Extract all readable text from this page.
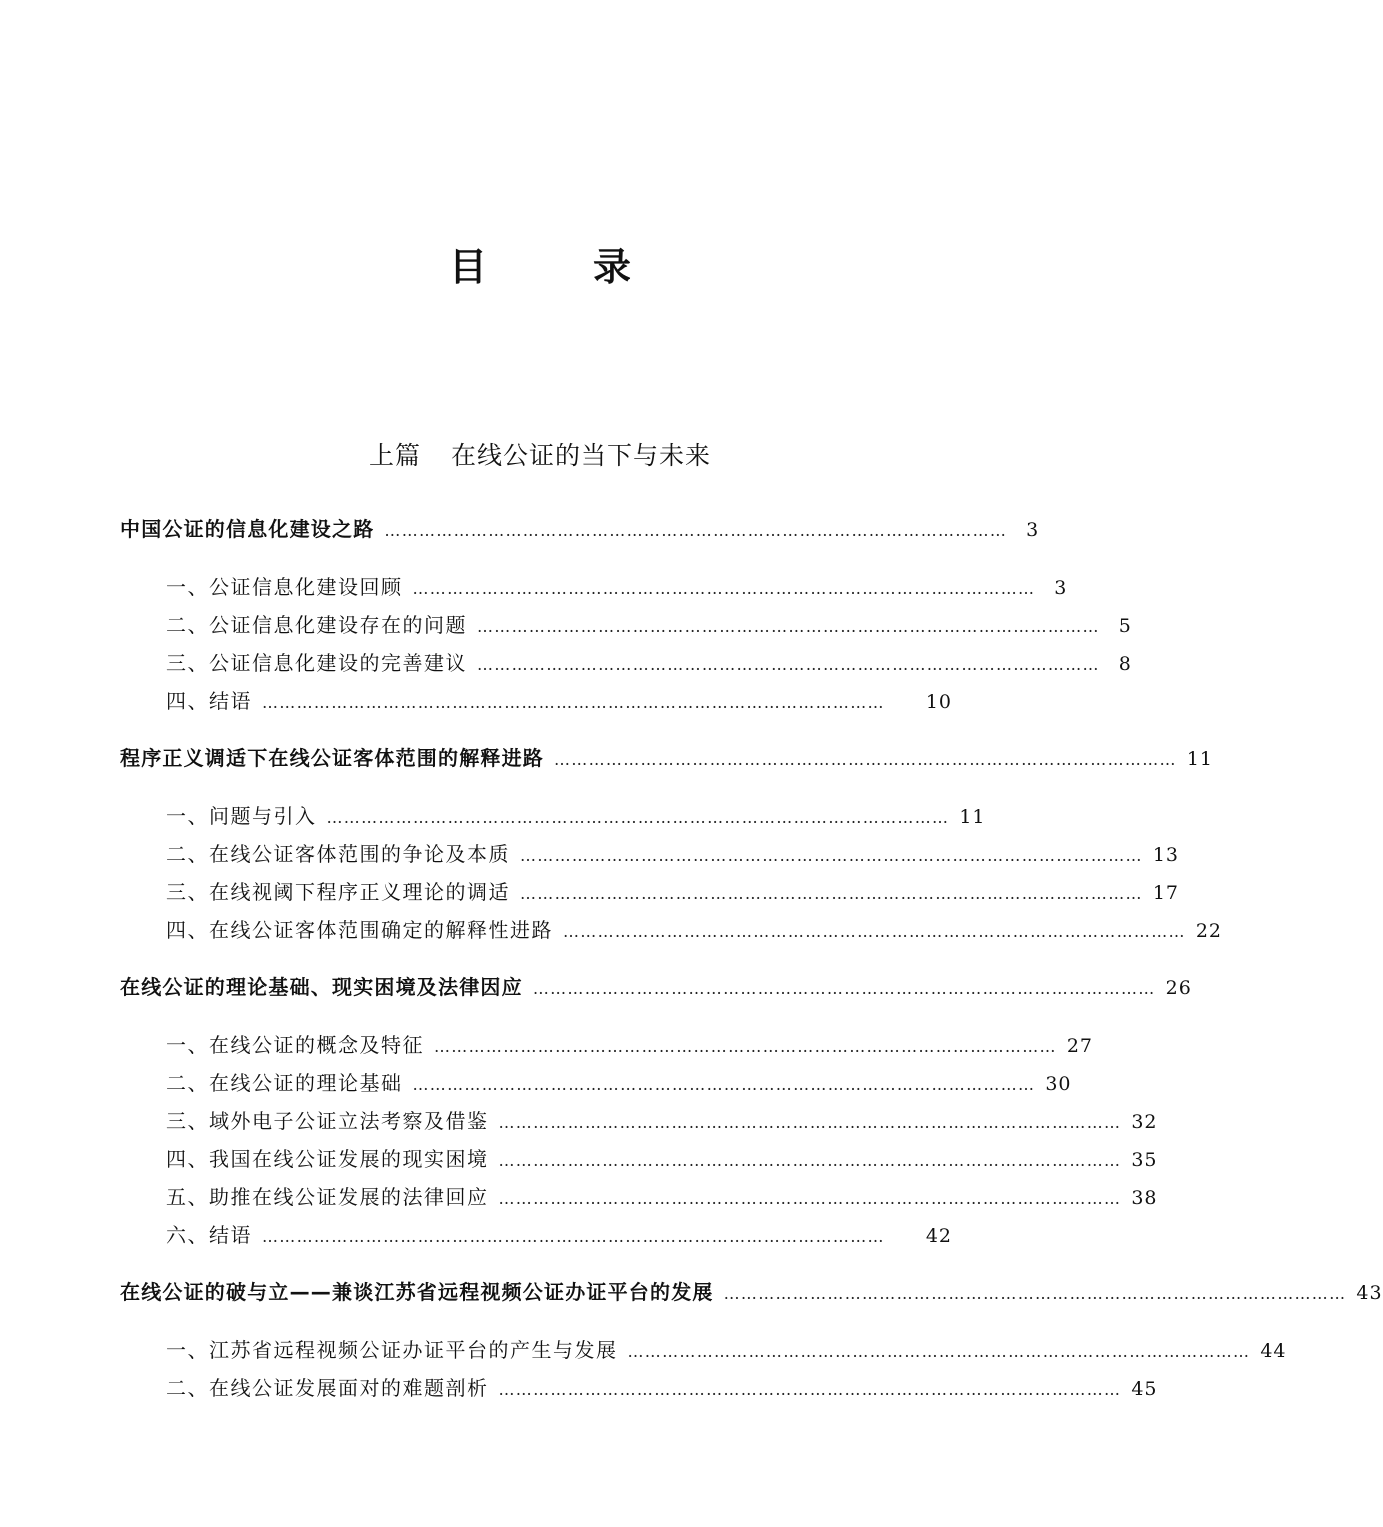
目　录
上篇 在线公证的当下与未来
中国公证的信息化建设之路 ……………………………………………………………………………………………… 3
一、公证信息化建设回顾 ……………………………………………………………………………………………… 3
二、公证信息化建设存在的问题 ……………………………………………………………………………………………… 5
三、公证信息化建设的完善建议 ……………………………………………………………………………………………… 8
四、结语 ………………………………………………………………………………………………	10
程序正义调适下在线公证客体范围的解释进路 ……………………………………………………………………………………………… 11
一、问题与引入 ……………………………………………………………………………………………… 11
二、在线公证客体范围的争论及本质 ……………………………………………………………………………………………… 13
三、在线视阈下程序正义理论的调适 ……………………………………………………………………………………………… 17
四、在线公证客体范围确定的解释性进路 ……………………………………………………………………………………………… 22
在线公证的理论基础、现实困境及法律因应 ……………………………………………………………………………………………… 26
一、在线公证的概念及特征 ……………………………………………………………………………………………… 27
二、在线公证的理论基础 ……………………………………………………………………………………………… 30
三、域外电子公证立法考察及借鉴 ……………………………………………………………………………………………… 32
四、我国在线公证发展的现实困境 ……………………………………………………………………………………………… 35
五、助推在线公证发展的法律回应 ……………………………………………………………………………………………… 38
六、结语 ………………………………………………………………………………………………	42
在线公证的破与立——兼谈江苏省远程视频公证办证平台的发展 ……………………………………………………………………………………………… 43
一、江苏省远程视频公证办证平台的产生与发展 ……………………………………………………………………………………………… 44
二、在线公证发展面对的难题剖析 ……………………………………………………………………………………………… 45
